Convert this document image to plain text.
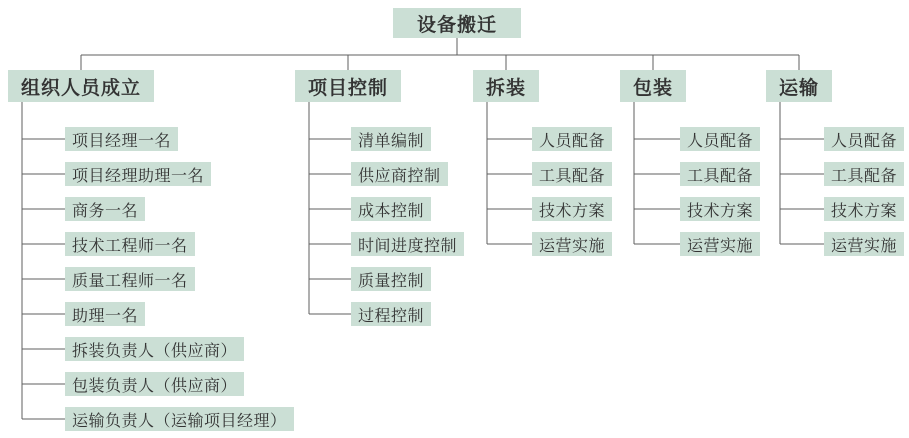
设备搬迁
组织人员成立
项目经理一名
项目经理助理一名
商务一名
技术工程师一名
质量工程师一名
助理一名
拆装负责人（供应商）
包装负责人（供应商）
运输负责人（运输项目经理）
项目控制
清单编制
供应商控制
成本控制
时间进度控制
质量控制
过程控制
拆装
人员配备
工具配备
技术方案
运营实施
包装
人员配备
工具配备
技术方案
运营实施
运输
人员配备
工具配备
技术方案
运营实施
